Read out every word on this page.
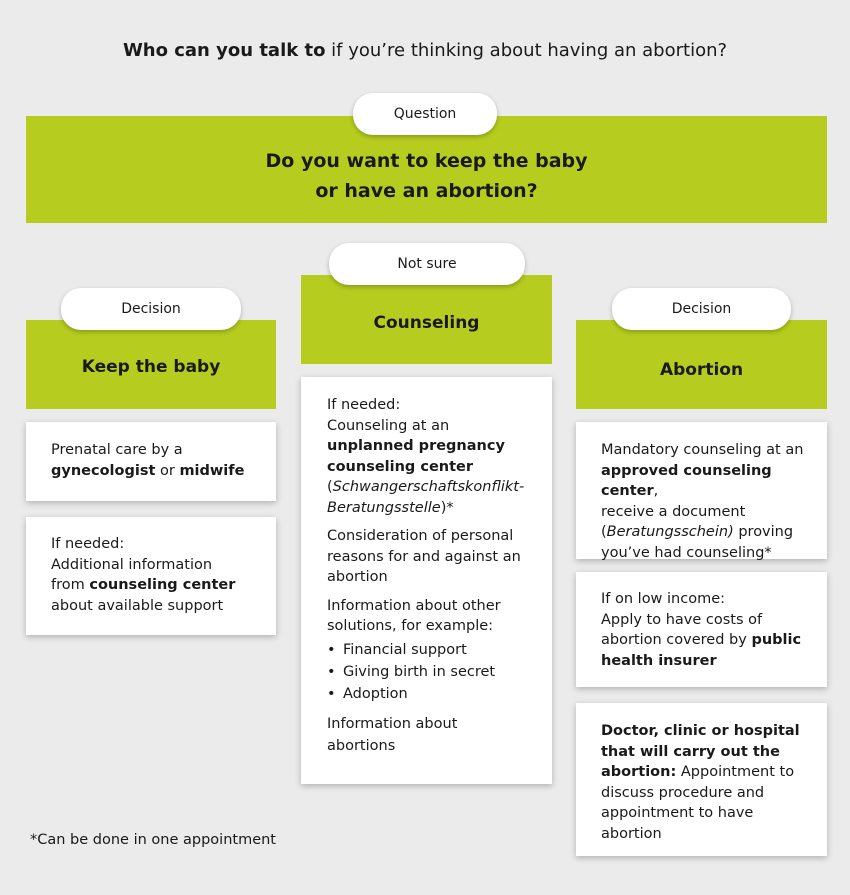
Who can you talk to if you’re thinking about having an abortion?
Do you want to keep the baby
or have an abortion?
Question
Keep the baby
Decision
Prenatal care by a
gynecologist or midwife
If needed:
Additional information
from counseling center
about available support
Counseling
Not sure
If needed:
Counseling at an
unplanned pregnancy
counseling center
(Schwangerschaftskonflikt-
Beratungsstelle)*
Consideration of personal reasons for and against an abortion
Information about other solutions, for example:
• Financial support
• Giving birth in secret
• Adoption
Information about abortions
Abortion
Decision
Mandatory counseling at an
approved counseling center,
receive a document
(Beratungsschein) proving
you’ve had counseling*
If on low income:
Apply to have costs of
abortion covered by public
health insurer
Doctor, clinic or hospital
that will carry out the
abortion: Appointment to
discuss procedure and
appointment to have
abortion
*Can be done in one appointment
